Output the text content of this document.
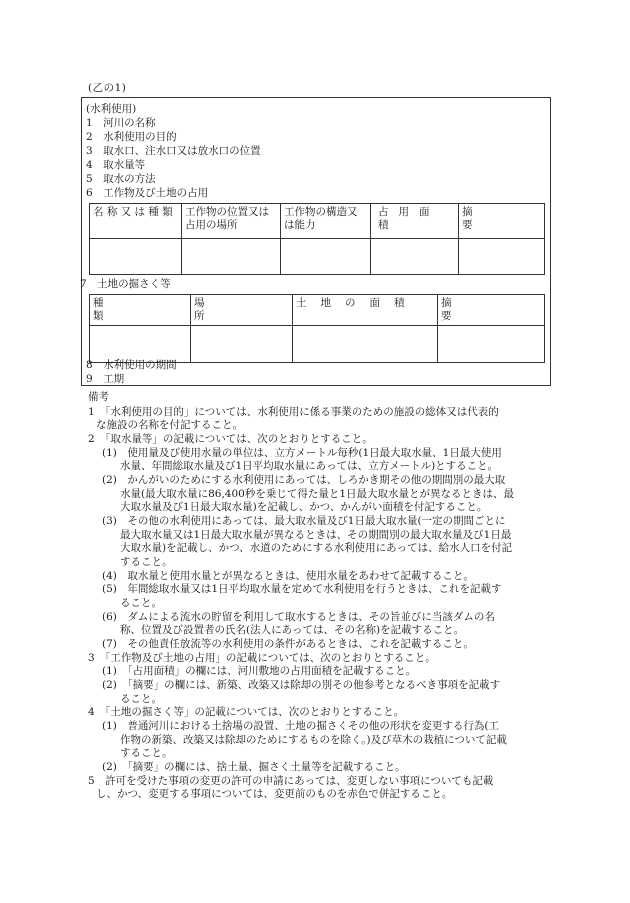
(乙の1)
(水利使用)
1　河川の名称
2　水利使用の目的
3　取水口、注水口又は放水口の位置
4　取水量等
5　取水の方法
6　工作物及び土地の占用
名 称 又 は 種 類	工作物の位置又は占用の場所	工作物の構造又は能力	占用面積	摘要

7　土地の掘さく等
種類	場所	土地の面積	摘要

8　水利使用の期間
9　工期
備考
1　「水利使用の目的」については、水利使用に係る事業のための施設の総体又は代表的
な施設の名称を付記すること。
2　「取水量等」の記載については、次のとおりとすること。
(1)　使用量及び使用水量の単位は、立方メートル毎秒(1日最大取水量、1日最大使用
水量、年間総取水量及び1日平均取水量にあっては、立方メートル)とすること。
(2)　かんがいのためにする水利使用にあっては、しろかき期その他の期間別の最大取
水量(最大取水量に86,400秒を乗じて得た量と1日最大取水量とが異なるときは、最
大取水量及び1日最大取水量)を記載し、かつ、かんがい面積を付記すること。
(3)　その他の水利使用にあっては、最大取水量及び1日最大取水量(一定の期間ごとに
最大取水量又は1日最大取水量が異なるときは、その期間別の最大取水量及び1日最
大取水量)を記載し、かつ、水道のためにする水利使用にあっては、給水人口を付記
すること。
(4)　取水量と使用水量とが異なるときは、使用水量をあわせて記載すること。
(5)　年間総取水量又は1日平均取水量を定めて水利使用を行うときは、これを記載す
ること。
(6)　ダムによる流水の貯留を利用して取水するときは、その旨並びに当該ダムの名
称、位置及び設置者の氏名(法人にあっては、その名称)を記載すること。
(7)　その他責任放流等の水利使用の条件があるときは、これを記載すること。
3　「工作物及び土地の占用」の記載については、次のとおりとすること。
(1)　「占用面積」の欄には、河川敷地の占用面積を記載すること。
(2)　「摘要」の欄には、新築、改築又は除却の別その他参考となるべき事項を記載す
ること。
4　「土地の掘さく等」の記載については、次のとおりとすること。
(1)　普通河川における土捨場の設置、土地の掘さくその他の形状を変更する行為(工
作物の新築、改築又は除却のためにするものを除く。)及び草木の栽植について記載
すること。
(2)　「摘要」の欄には、捨土量、掘さく土量等を記載すること。
5　許可を受けた事項の変更の許可の申請にあっては、変更しない事項についても記載
し、かつ、変更する事項については、変更前のものを赤色で併記すること。
